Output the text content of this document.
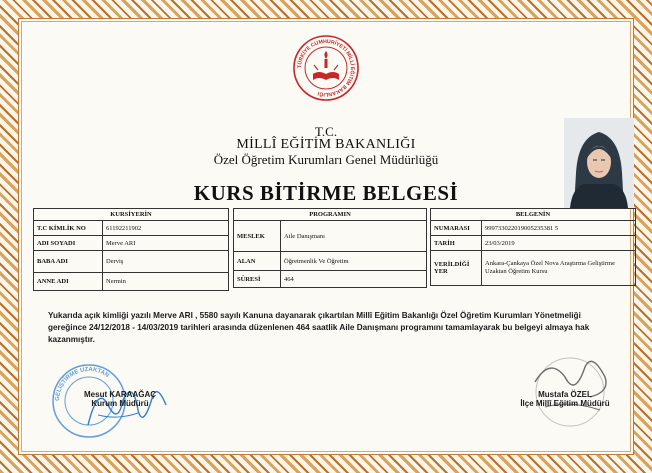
TÜRKİYE CUMHURİYETİ MİLLÎ EĞİTİM BAKANLIĞI
T.C.
MİLLÎ EĞİTİM BAKANLIĞI
Özel Öğretim Kurumları Genel Müdürlüğü
KURS BİTİRME BELGESİ
KURSİYERİN	
T.C KİMLİK NO	61192211902
ADI SOYADI	Merve ARI
BABA ADI	Derviş
ANNE ADI	Nermin
PROGRAMIN	
MESLEK	Aile Danışmanı
ALAN	Öğretmenlik Ve Öğretim
SÜRESİ	464
BELGENİN	
NUMARASI	999733022019005235381 5
TARİH	23/03/2019
VERİLDİĞİ YER	Ankara-Çankaya Özel Nova Araştırma Geliştirme Uzaktan Öğretim Kursu
Yukarıda açık kimliği yazılı Merve ARI , 5580 sayılı Kanuna dayanarak çıkartılan Millî Eğitim Bakanlığı Özel Öğretim Kurumları Yönetmeliği gereğince 24/12/2018 - 14/03/2019 tarihleri arasında düzenlenen 464 saatlik Aile Danışmanı programını tamamlayarak bu belgeyi almaya hak kazanmıştır.
GELİŞTİRME UZAKTAN
Mesut KARAAĞAÇ
Kurum Müdürü
Mustafa ÖZEL
İlçe Millî Eğitim Müdürü
